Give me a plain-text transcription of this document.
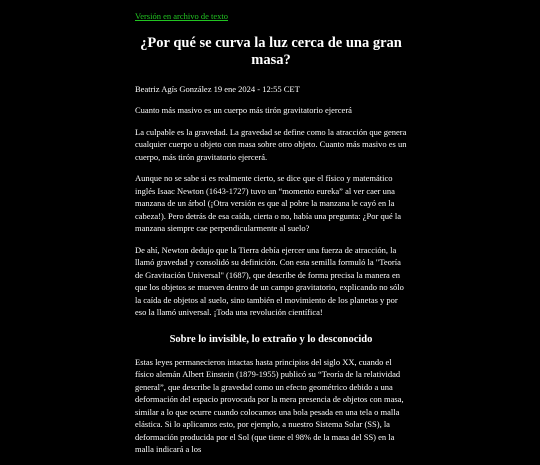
Versión en archivo de texto
¿Por qué se curva la luz cerca de una gran masa?
Beatriz Agís González 19 ene 2024 - 12:55 CET

Cuanto más masivo es un cuerpo más tirón gravitatorio ejercerá

La culpable es la gravedad. La gravedad se define como la atracción que genera cualquier cuerpo u objeto con masa sobre otro objeto. Cuanto más masivo es un cuerpo, más tirón gravitatorio ejercerá.

Aunque no se sabe si es realmente cierto, se dice que el físico y matemático inglés Isaac Newton (1643-1727) tuvo un “momento eureka” al ver caer una manzana de un árbol (¡Otra versión es que al pobre la manzana le cayó en la cabeza!). Pero detrás de esa caída, cierta o no, había una pregunta: ¿Por qué la manzana siempre cae perpendicularmente al suelo?

De ahí, Newton dedujo que la Tierra debía ejercer una fuerza de atracción, la llamó gravedad y consolidó su definición. Con esta semilla formuló la "Teoría de Gravitación Universal" (1687), que describe de forma precisa la manera en que los objetos se mueven dentro de un campo gravitatorio, explicando no sólo la caída de objetos al suelo, sino también el movimiento de los planetas y por eso la llamó universal. ¡Toda una revolución científica!

Sobre lo invisible, lo extraño y lo desconocido

Estas leyes permanecieron intactas hasta principios del siglo XX, cuando el físico alemán Albert Einstein (1879-1955) publicó su “Teoría de la relatividad general”, que describe la gravedad como un efecto geométrico debido a una deformación del espacio provocada por la mera presencia de objetos con masa, similar a lo que ocurre cuando colocamos una bola pesada en una tela o malla elástica. Si lo aplicamos esto, por ejemplo, a nuestro Sistema Solar (SS), la deformación producida por el Sol (que tiene el 98% de la masa del SS) en la malla indicará a los
